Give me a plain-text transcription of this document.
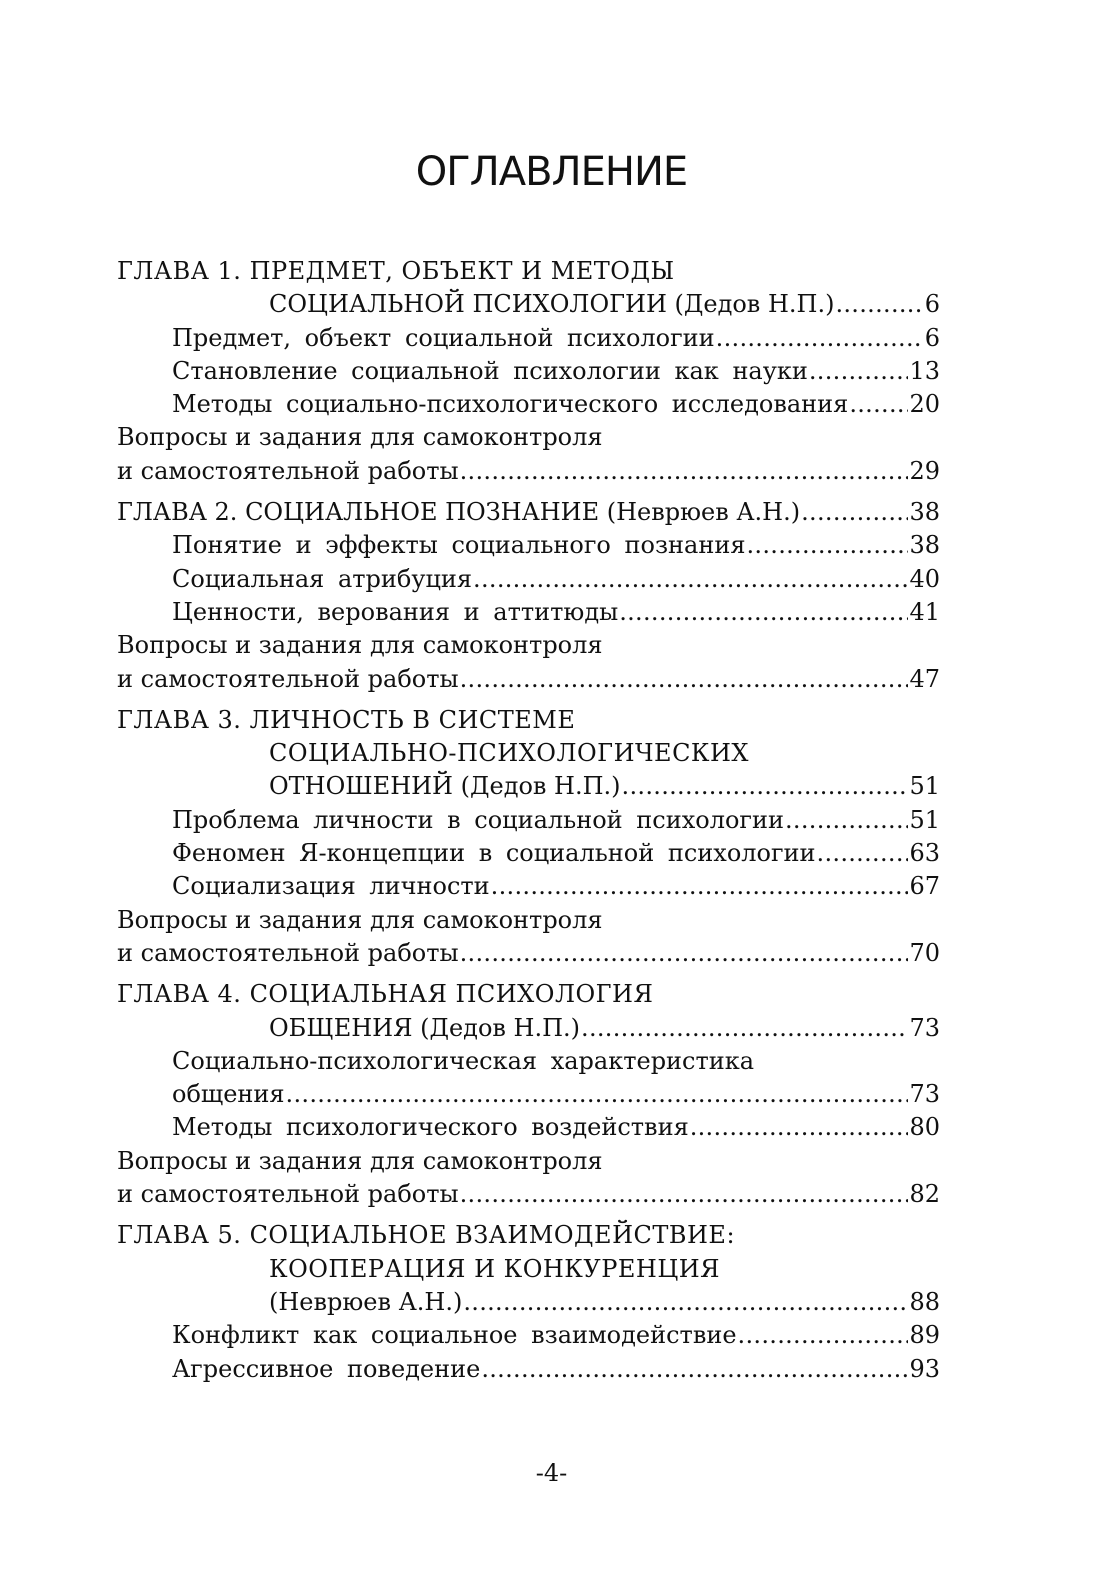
ОГЛАВЛЕНИЕ
ГЛАВА 1. ПРЕДМЕТ, ОБЪЕКТ И МЕТОДЫ
СОЦИАЛЬНОЙ ПСИХОЛОГИИ (Дедов Н.П.) .....	6
Предмет, объект социальной психологии .....	6
Становление социальной психологии как науки .....	13
Методы социально-психологического исследования .....	20
Вопросы и задания для самоконтроля
и самостоятельной работы .....	29
ГЛАВА 2. СОЦИАЛЬНОЕ ПОЗНАНИЕ (Неврюев А.Н.) .....	38
Понятие и эффекты социального познания .....	38
Социальная атрибуция .....	40
Ценности, верования и аттитюды .....	41
Вопросы и задания для самоконтроля
и самостоятельной работы .....	47
ГЛАВА 3. ЛИЧНОСТЬ В СИСТЕМЕ
СОЦИАЛЬНО-ПСИХОЛОГИЧЕСКИХ
ОТНОШЕНИЙ (Дедов Н.П.) .....	51
Проблема личности в социальной психологии .....	51
Феномен Я-концепции в социальной психологии .....	63
Социализация личности .....	67
Вопросы и задания для самоконтроля
и самостоятельной работы .....	70
ГЛАВА 4. СОЦИАЛЬНАЯ ПСИХОЛОГИЯ
ОБЩЕНИЯ (Дедов Н.П.) .....	73
Социально-психологическая характеристика
общения .....	73
Методы психологического воздействия .....	80
Вопросы и задания для самоконтроля
и самостоятельной работы .....	82
ГЛАВА 5. СОЦИАЛЬНОЕ ВЗАИМОДЕЙСТВИЕ:
КООПЕРАЦИЯ И КОНКУРЕНЦИЯ
(Неврюев А.Н.) .....	88
Конфликт как социальное взаимодействие .....	89
Агрессивное поведение .....	93
-4-
